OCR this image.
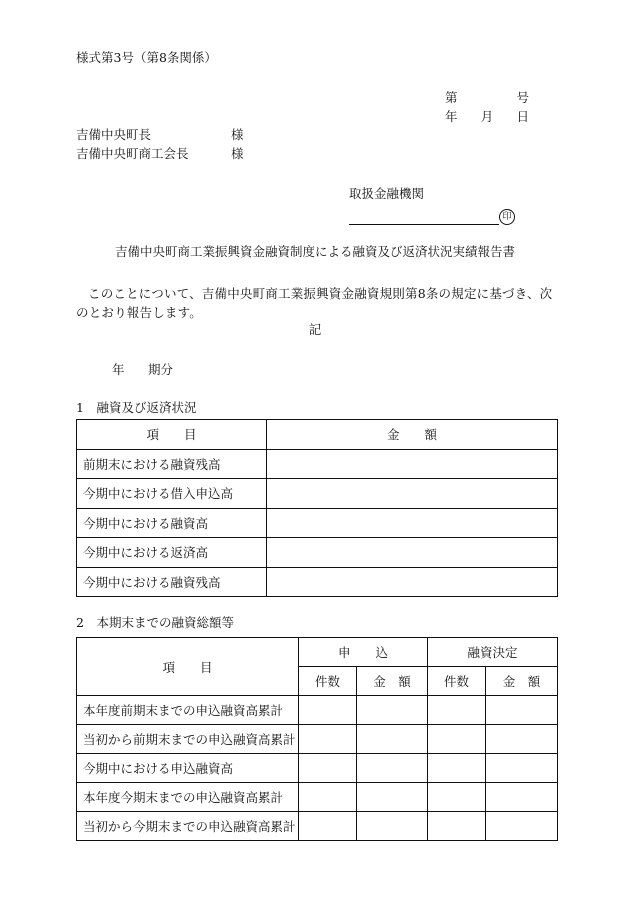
様式第3号（第8条関係）
第	号
年 月 日
吉備中央町長	様
吉備中央町商工会長	様
取扱金融機関
印
吉備中央町商工業振興資金融資制度による融資及び返済状況実績報告書
このことについて、吉備中央町商工業振興資金融資規則第8条の規定に基づき、次のとおり報告します。
記
年 期分
1　融資及び返済状況
項　　目	金　　額
前期末における融資残高	
今期中における借入申込高	
今期中における融資高	
今期中における返済高	
今期中における融資残高	
2　本期末までの融資総額等
項　　目	申　　込		融資決定	
	件数	金　額	件数	金　額
本年度前期末までの申込融資高累計				
当初から前期末までの申込融資高累計				
今期中における申込融資高				
本年度今期末までの申込融資高累計				
当初から今期末までの申込融資高累計				
